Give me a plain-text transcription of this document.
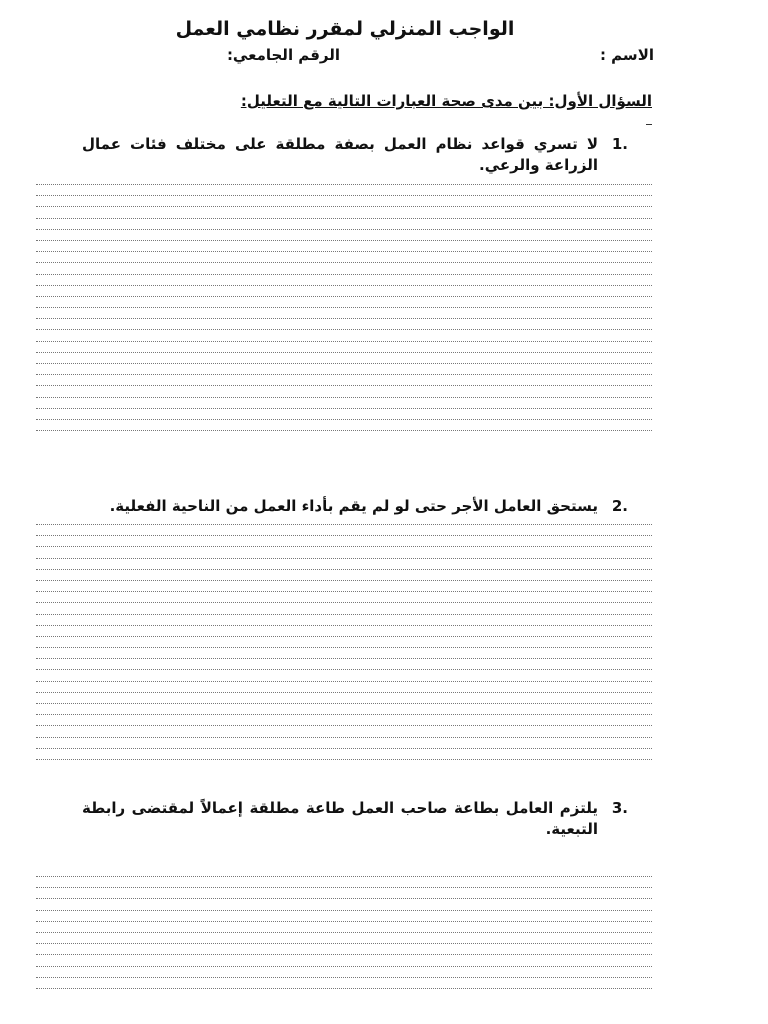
الواجب المنزلي لمقرر نظامي العمل
الاسم :
الرقم الجامعي:
السؤال الأول: بين مدى صحة العبارات التالية مع التعليل:
1.
لا تسري قواعد نظام العمل بصفة مطلقة على مختلف فئات عمال الزراعة والرعي.
2.
يستحق العامل الأجر حتى لو لم يقم بأداء العمل من الناحية الفعلية.
3.
يلتزم العامل بطاعة صاحب العمل طاعة مطلقة إعمالاً لمقتضى رابطة التبعية.
